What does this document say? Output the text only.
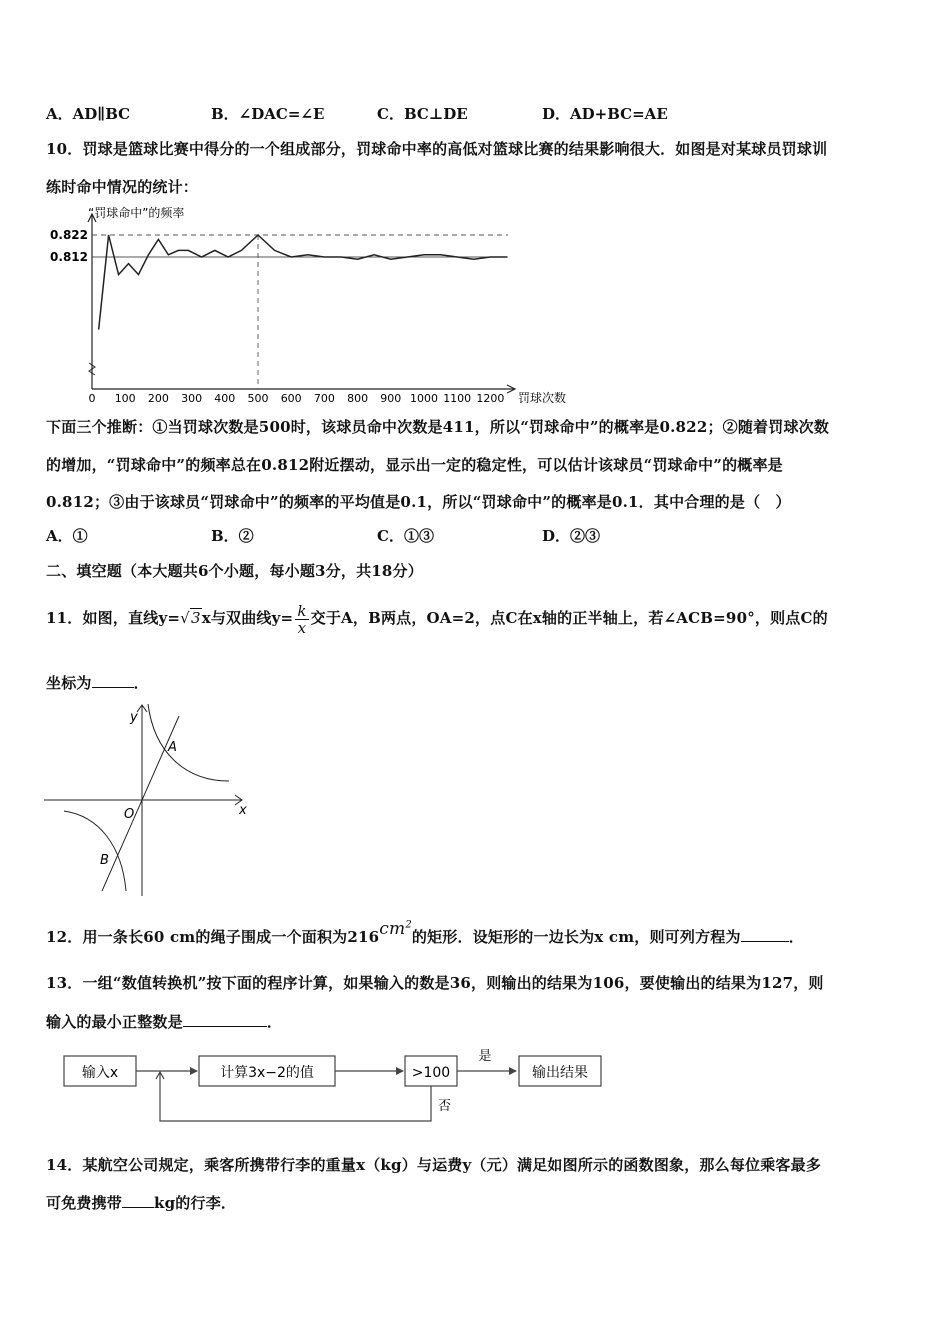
A．AD∥BC	B．∠DAC=∠E	C．BC⊥DE	D．AD+BC=AE
10．罚球是篮球比赛中得分的一个组成部分，罚球命中率的高低对篮球比赛的结果影响很大．如图是对某球员罚球训
练时命中情况的统计：
“罚球命中”的频率
0.812
0.822
0 100 200 300 400 500 600 700 800 900 1000 1100 1200 罚球次数
下面三个推断：①当罚球次数是500时，该球员命中次数是411，所以“罚球命中”的概率是0.822；②随着罚球次数
的增加，“罚球命中”的频率总在0.812附近摆动，显示出一定的稳定性，可以估计该球员“罚球命中”的概率是
0.812；③由于该球员“罚球命中”的频率的平均值是0.1，所以“罚球命中”的概率是0.1．其中合理的是（　）
A．①	B．②	C．①③	D．②③
二、填空题（本大题共6个小题，每小题3分，共18分）
11．如图，直线y=√3x与双曲线$y= \frac{k}{x}$ 交于A，B两点，OA=2，点C在x轴的正半轴上，若∠ACB=90°，则点C的
坐标为	．
y
x
O
A
B
12．用一条长60 cm的绳子围成一个面积为$216cm^2$的矩形．设矩形的一边长为x cm，则可列方程为	．
13．一组“数值转换机”按下面的程序计算，如果输入的数是36，则输出的结果为106，要使输出的结果为127，则
输入的最小正整数是	．
输入x	计算3x−2的值	>100
是
输出结果
否
14．某航空公司规定，乘客所携带行李的重量x（kg）与运费y（元）满足如图所示的函数图象，那么每位乘客最多
可免费携带 kg的行李．
